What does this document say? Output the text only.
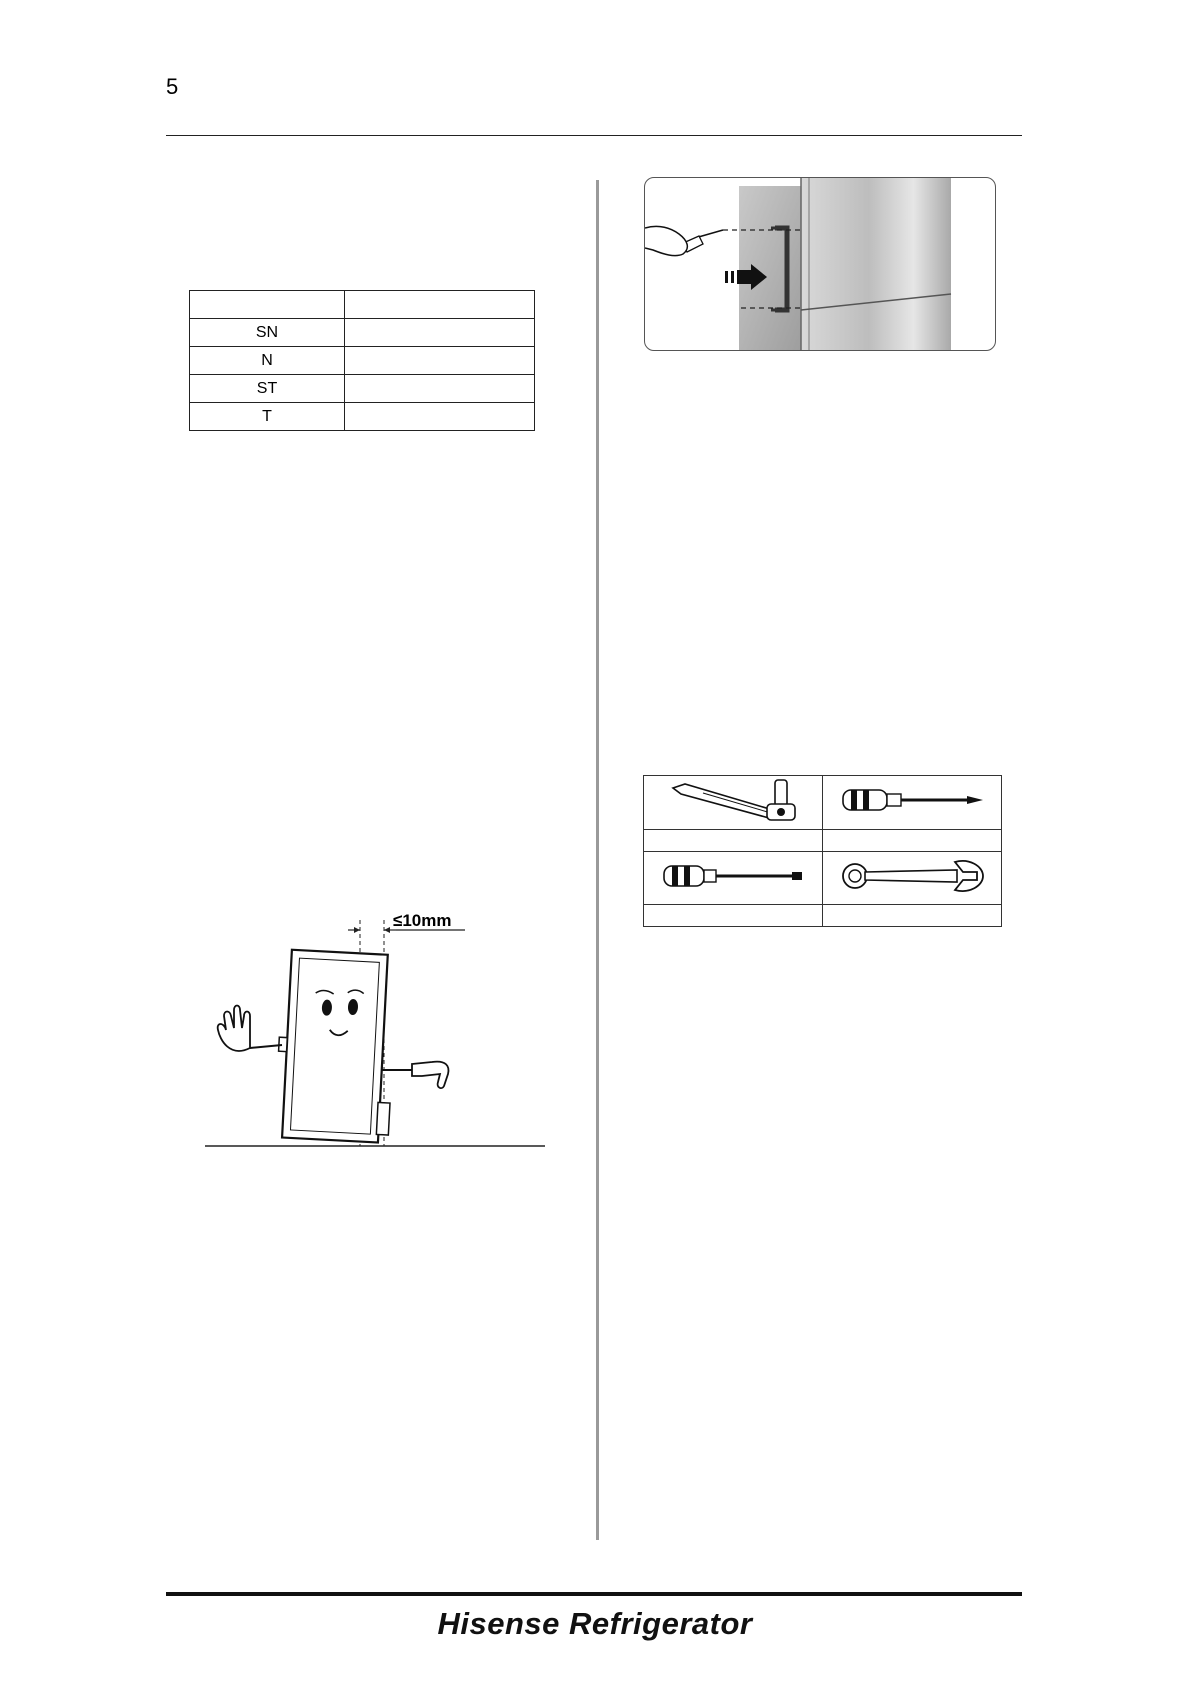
5

SN	
N	
ST	
T	
≤10mm

Hisense Refrigerator
